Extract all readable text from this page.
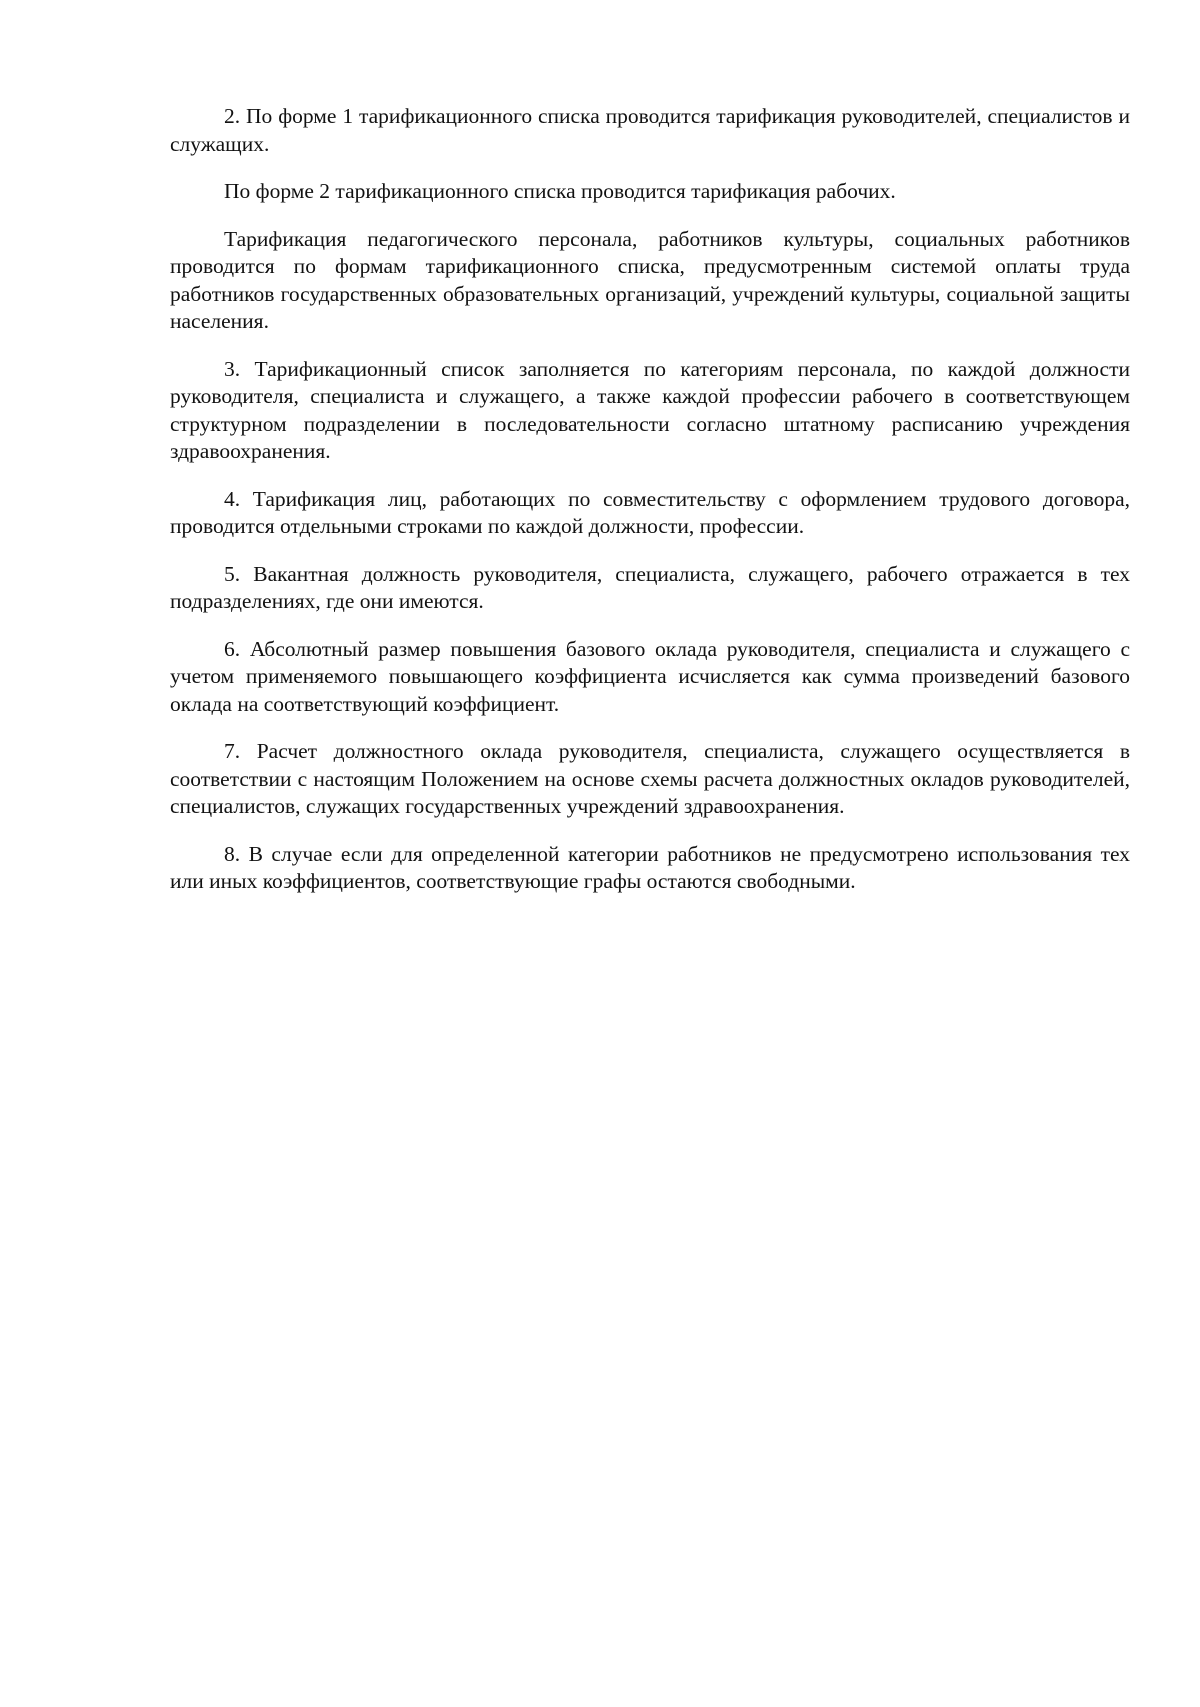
2. По форме 1 тарификационного списка проводится тарификация руководителей, специалистов и служащих.

По форме 2 тарификационного списка проводится тарификация рабочих.

Тарификация педагогического персонала, работников культуры, социальных работников проводится по формам тарификационного списка, предусмотренным системой оплаты труда работников государственных образовательных организаций, учреждений культуры, социальной защиты населения.

3. Тарификационный список заполняется по категориям персонала, по каждой должности руководителя, специалиста и служащего, а также каждой профессии рабочего в соответствующем структурном подразделении в последовательности согласно штатному расписанию учреждения здравоохранения.

4. Тарификация лиц, работающих по совместительству с оформлением трудового договора, проводится отдельными строками по каждой должности, профессии.

5. Вакантная должность руководителя, специалиста, служащего, рабочего отражается в тех подразделениях, где они имеются.

6. Абсолютный размер повышения базового оклада руководителя, специалиста и служащего с учетом применяемого повышающего коэффициента исчисляется как сумма произведений базового оклада на соответствующий коэффициент.

7. Расчет должностного оклада руководителя, специалиста, служащего осуществляется в соответствии с настоящим Положением на основе схемы расчета должностных окладов руководителей, специалистов, служащих государственных учреждений здравоохранения.

8. В случае если для определенной категории работников не предусмотрено использования тех или иных коэффициентов, соответствующие графы остаются свободными.
